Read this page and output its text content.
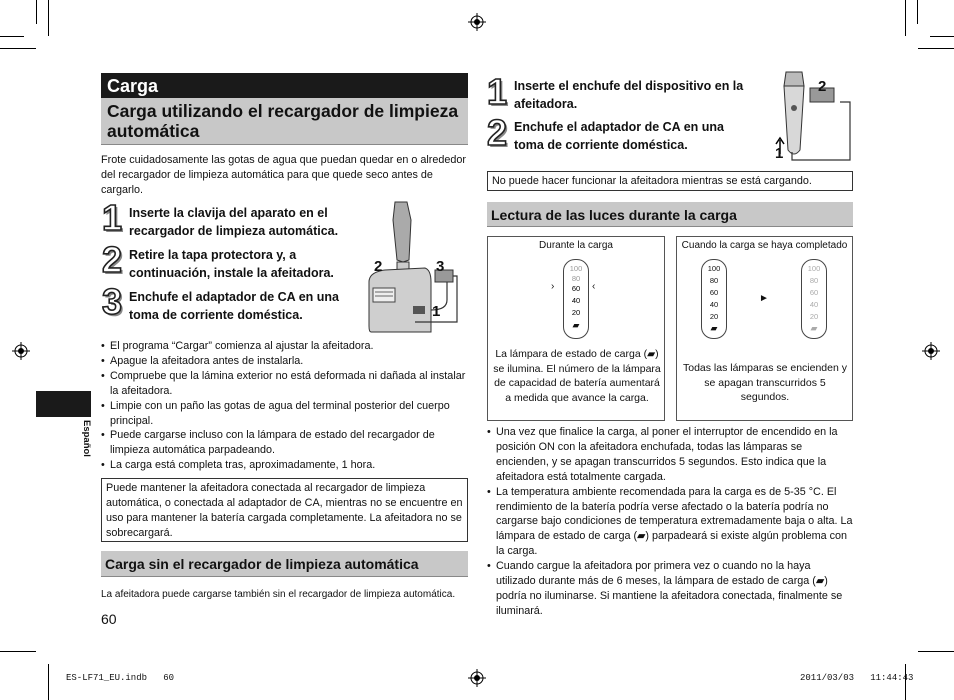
Español
Carga
Carga utilizando el recargador de limpieza automática
Frote cuidadosamente las gotas de agua que puedan quedar en o alrededor del recargador de limpieza automática para que quede seco antes de cargarlo.
1 Inserte la clavija del aparato en el recargador de limpieza automática.
2 Retire la tapa protectora y, a continuación, instale la afeitadora.
3 Enchufe el adaptador de CA en una toma de corriente doméstica.
2	3
1
• El programa “Cargar” comienza al ajustar la afeitadora.
• Apague la afeitadora antes de instalarla.
• Compruebe que la lámina exterior no está deformada ni dañada al instalar la afeitadora.
• Limpie con un paño las gotas de agua del terminal posterior del cuerpo principal.
• Puede cargarse incluso con la lámpara de estado del recargador de limpieza automática parpadeando.
• La carga está completa tras, aproximadamente, 1 hora.
Puede mantener la afeitadora conectada al recargador de limpieza automática, o conectada al adaptador de CA, mientras no se encuentre en uso para mantener la batería cargada completamente. La afeitadora no se sobrecargará.
Carga sin el recargador de limpieza automática
La afeitadora puede cargarse también sin el recargador de limpieza automática.
60
1 Inserte el enchufe del dispositivo en la afeitadora.
2 Enchufe el adaptador de CA en una toma de corriente doméstica.
2
1
No puede hacer funcionar la afeitadora mientras se está cargando.
Lectura de las luces durante la carga
Durante la carga
100
80
60
40
20
▰
›	‹
La lámpara de estado de carga (▰) se ilumina. El número de la lámpara de capacidad de batería aumentará a medida que avance la carga.
Cuando la carga se haya completado
100
80
60
40
20
▰
►
100
80
60
40
20
▰
Todas las lámparas se encienden y se apagan transcurridos 5 segundos.
• Una vez que finalice la carga, al poner el interruptor de encendido en la posición ON con la afeitadora enchufada, todas las lámparas se encienden, y se apagan transcurridos 5 segundos. Esto indica que la afeitadora está totalmente cargada.
• La temperatura ambiente recomendada para la carga es de 5-35 °C. El rendimiento de la batería podría verse afectado o la batería podría no cargarse bajo condiciones de temperatura extremadamente baja o alta. La lámpara de estado de carga (▰) parpadeará si existe algún problema con la carga.
• Cuando cargue la afeitadora por primera vez o cuando no la haya utilizado durante más de 6 meses, la lámpara de estado de carga (▰) podría no iluminarse. Si mantiene la afeitadora conectada, finalmente se iluminará.
ES-LF71_EU.indb   60	2011/03/03   11:44:43
